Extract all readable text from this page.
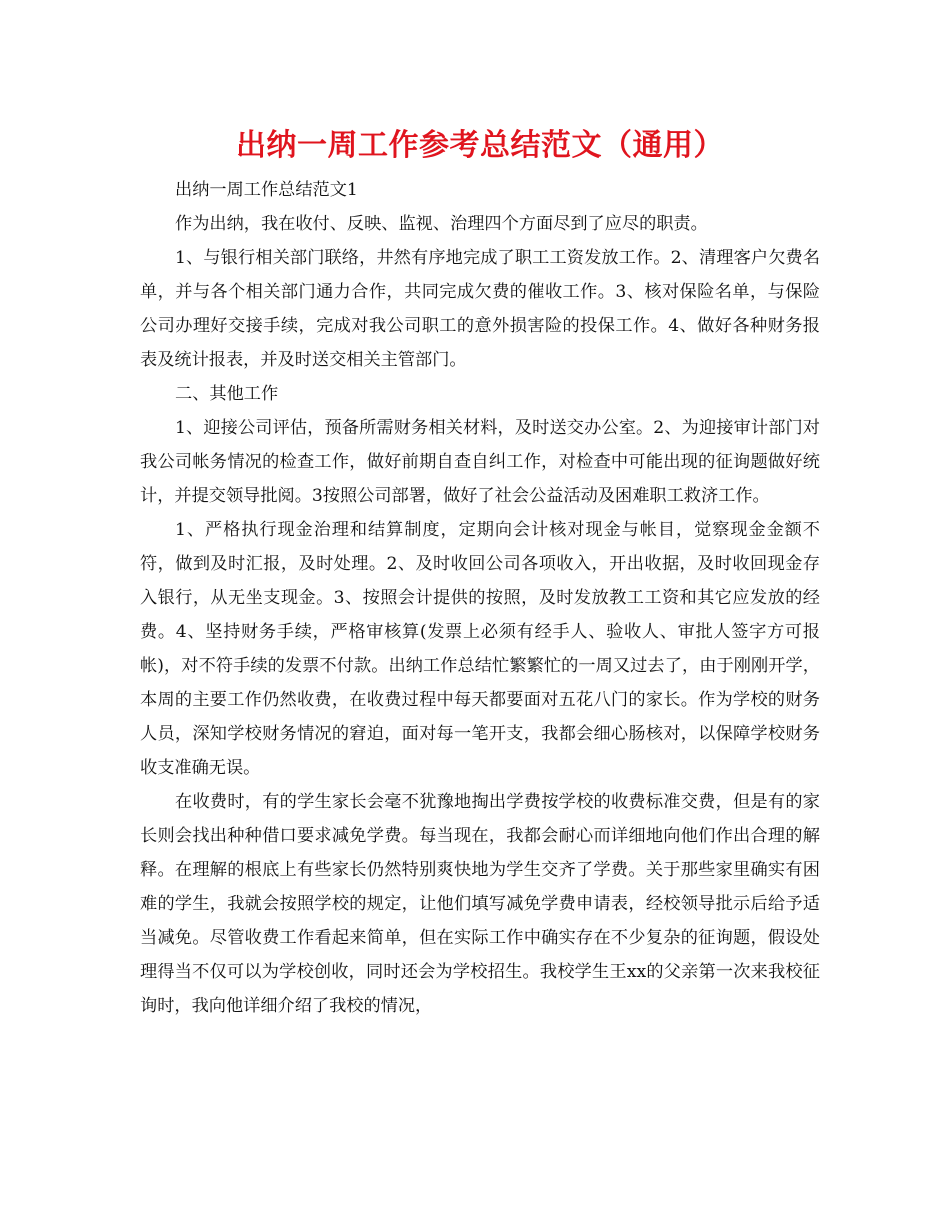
出纳一周工作参考总结范文（通用）

出纳一周工作总结范文1

作为出纳，我在收付、反映、监视、治理四个方面尽到了应尽的职责。

1、与银行相关部门联络，井然有序地完成了职工工资发放工作。2、清理客户欠费名单，并与各个相关部门通力合作，共同完成欠费的催收工作。3、核对保险名单，与保险公司办理好交接手续，完成对我公司职工的意外损害险的投保工作。4、做好各种财务报表及统计报表，并及时送交相关主管部门。

二、其他工作

1、迎接公司评估，预备所需财务相关材料，及时送交办公室。2、为迎接审计部门对我公司帐务情况的检查工作，做好前期自查自纠工作，对检查中可能出现的征询题做好统计，并提交领导批阅。3按照公司部署，做好了社会公益活动及困难职工救济工作。

1、严格执行现金治理和结算制度，定期向会计核对现金与帐目，觉察现金金额不符，做到及时汇报，及时处理。2、及时收回公司各项收入，开出收据，及时收回现金存入银行，从无坐支现金。3、按照会计提供的按照，及时发放教工工资和其它应发放的经费。4、坚持财务手续，严格审核算(发票上必须有经手人、验收人、审批人签字方可报帐)，对不符手续的发票不付款。出纳工作总结忙繁繁忙的一周又过去了，由于刚刚开学，本周的主要工作仍然收费，在收费过程中每天都要面对五花八门的家长。作为学校的财务人员，深知学校财务情况的窘迫，面对每一笔开支，我都会细心肠核对，以保障学校财务收支准确无误。

在收费时，有的学生家长会毫不犹豫地掏出学费按学校的收费标准交费，但是有的家长则会找出种种借口要求减免学费。每当现在，我都会耐心而详细地向他们作出合理的解释。在理解的根底上有些家长仍然特别爽快地为学生交齐了学费。关于那些家里确实有困难的学生，我就会按照学校的规定，让他们填写减免学费申请表，经校领导批示后给予适当减免。尽管收费工作看起来简单，但在实际工作中确实存在不少复杂的征询题，假设处理得当不仅可以为学校创收，同时还会为学校招生。我校学生王xx的父亲第一次来我校征询时，我向他详细介绍了我校的情况，
